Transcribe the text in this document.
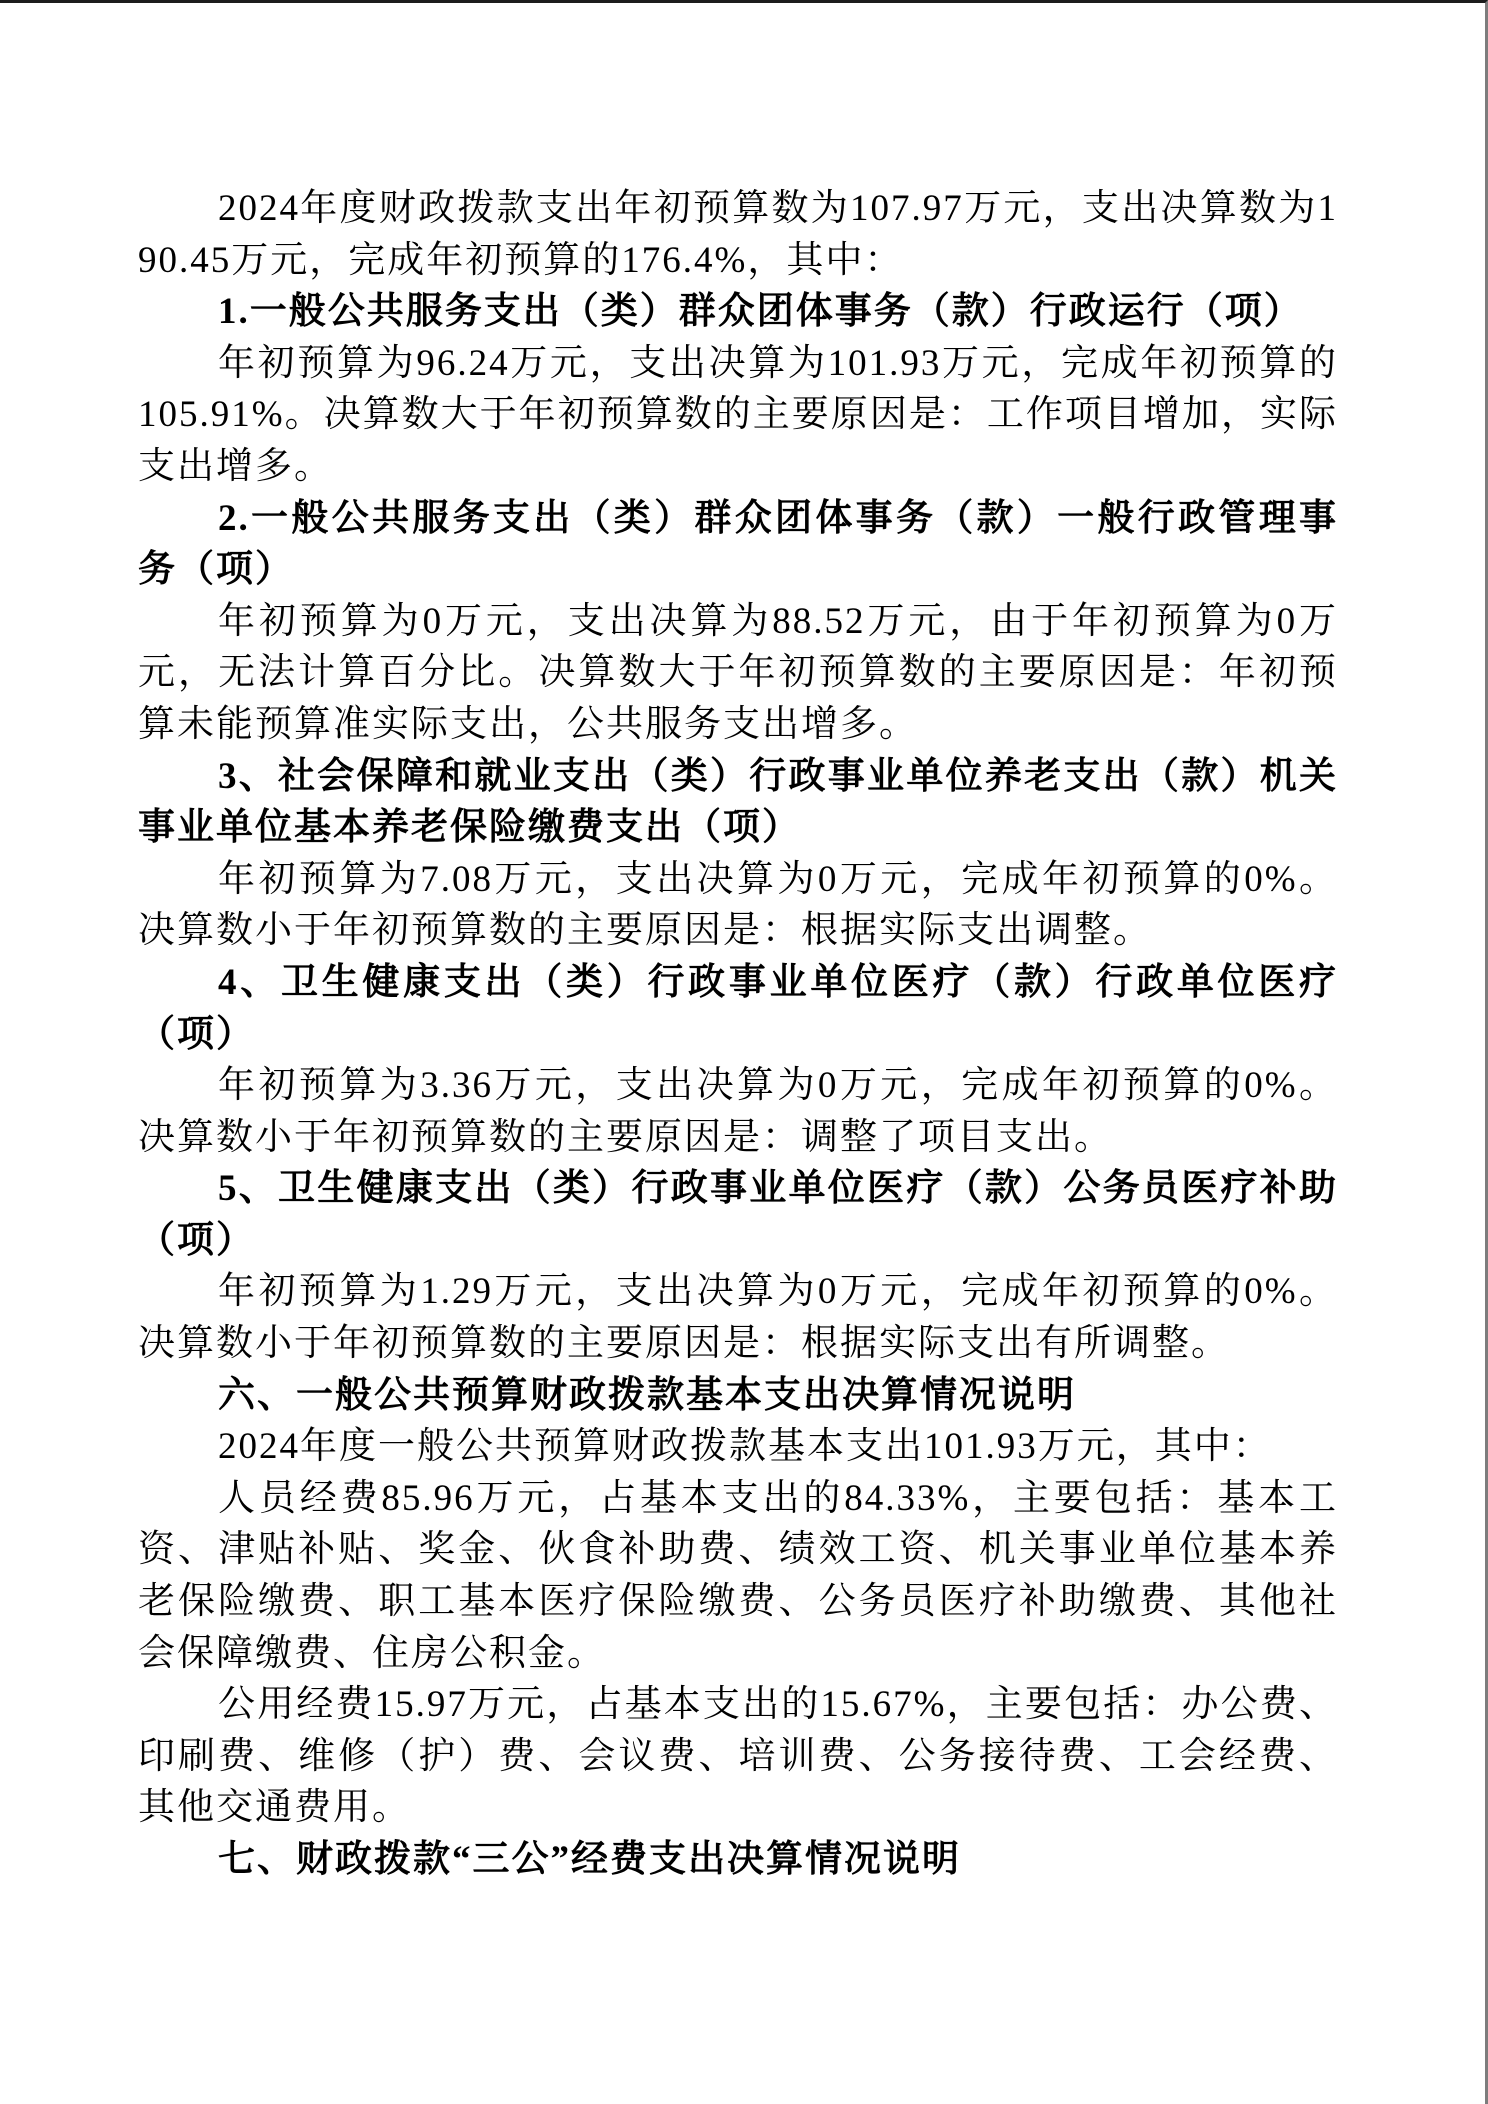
2024年度财政拨款支出年初预算数为107.97万元，支出决算数为190.45万元，完成年初预算的176.4%，其中：

1.一般公共服务支出（类）群众团体事务（款）行政运行（项）

年初预算为96.24万元，支出决算为101.93万元，完成年初预算的105.91%。决算数大于年初预算数的主要原因是：工作项目增加，实际支出增多。

2.一般公共服务支出（类）群众团体事务（款）一般行政管理事务（项）

年初预算为0万元，支出决算为88.52万元，由于年初预算为0万元，无法计算百分比。决算数大于年初预算数的主要原因是：年初预算未能预算准实际支出，公共服务支出增多。

3、社会保障和就业支出（类）行政事业单位养老支出（款）机关事业单位基本养老保险缴费支出（项）

年初预算为7.08万元，支出决算为0万元，完成年初预算的0%。决算数小于年初预算数的主要原因是：根据实际支出调整。

4、卫生健康支出（类）行政事业单位医疗（款）行政单位医疗（项）

年初预算为3.36万元，支出决算为0万元，完成年初预算的0%。决算数小于年初预算数的主要原因是：调整了项目支出。

5、卫生健康支出（类）行政事业单位医疗（款）公务员医疗补助（项）

年初预算为1.29万元，支出决算为0万元，完成年初预算的0%。决算数小于年初预算数的主要原因是：根据实际支出有所调整。

六、一般公共预算财政拨款基本支出决算情况说明

2024年度一般公共预算财政拨款基本支出101.93万元，其中：

人员经费85.96万元，占基本支出的84.33%，主要包括：基本工资、津贴补贴、奖金、伙食补助费、绩效工资、机关事业单位基本养老保险缴费、职工基本医疗保险缴费、公务员医疗补助缴费、其他社会保障缴费、住房公积金。

公用经费15.97万元，占基本支出的15.67%，主要包括：办公费、印刷费、维修（护）费、会议费、培训费、公务接待费、工会经费、其他交通费用。

七、财政拨款“三公”经费支出决算情况说明
